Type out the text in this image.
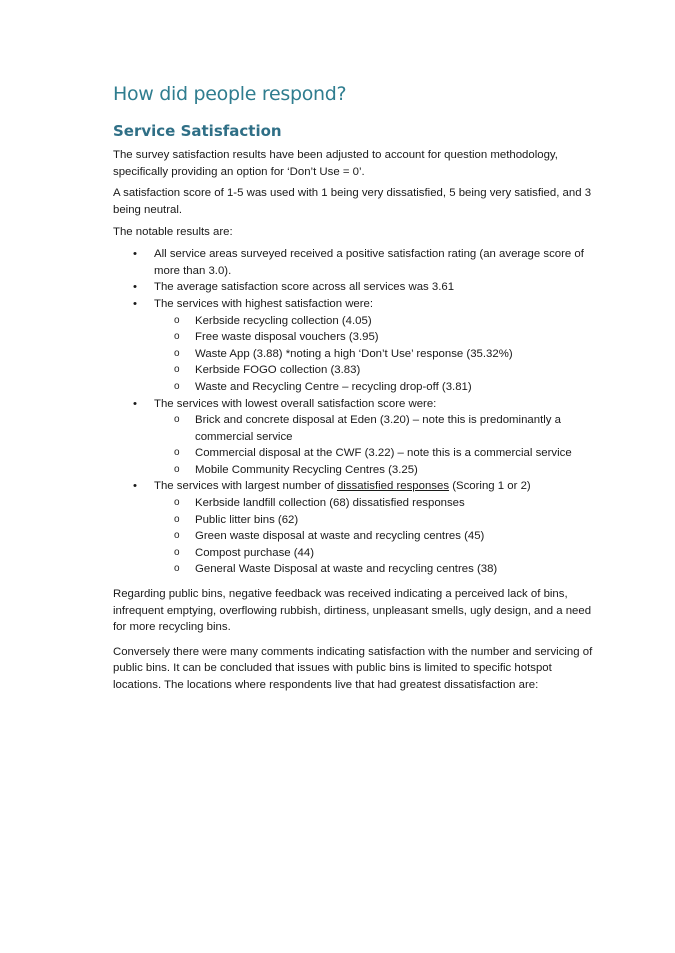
How did people respond?
Service Satisfaction

The survey satisfaction results have been adjusted to account for question methodology, specifically providing an option for ‘Don’t Use = 0’.

A satisfaction score of 1-5 was used with 1 being very dissatisfied, 5 being very satisfied, and 3 being neutral.

The notable results are:

• All service areas surveyed received a positive satisfaction rating (an average score of more than 3.0).
• The average satisfaction score across all services was 3.61
• The services with highest satisfaction were:
o Kerbside recycling collection (4.05)
o Free waste disposal vouchers (3.95)
o Waste App (3.88) *noting a high ‘Don’t Use’ response (35.32%)
o Kerbside FOGO collection (3.83)
o Waste and Recycling Centre – recycling drop-off (3.81)
• The services with lowest overall satisfaction score were:
o Brick and concrete disposal at Eden (3.20) – note this is predominantly a commercial service
o Commercial disposal at the CWF (3.22) – note this is a commercial service
o Mobile Community Recycling Centres (3.25)
• The services with largest number of dissatisfied responses (Scoring 1 or 2)
o Kerbside landfill collection (68) dissatisfied responses
o Public litter bins (62)
o Green waste disposal at waste and recycling centres (45)
o Compost purchase (44)
o General Waste Disposal at waste and recycling centres (38)

Regarding public bins, negative feedback was received indicating a perceived lack of bins, infrequent emptying, overflowing rubbish, dirtiness, unpleasant smells, ugly design, and a need for more recycling bins.

Conversely there were many comments indicating satisfaction with the number and servicing of public bins. It can be concluded that issues with public bins is limited to specific hotspot locations. The locations where respondents live that had greatest dissatisfaction are:
